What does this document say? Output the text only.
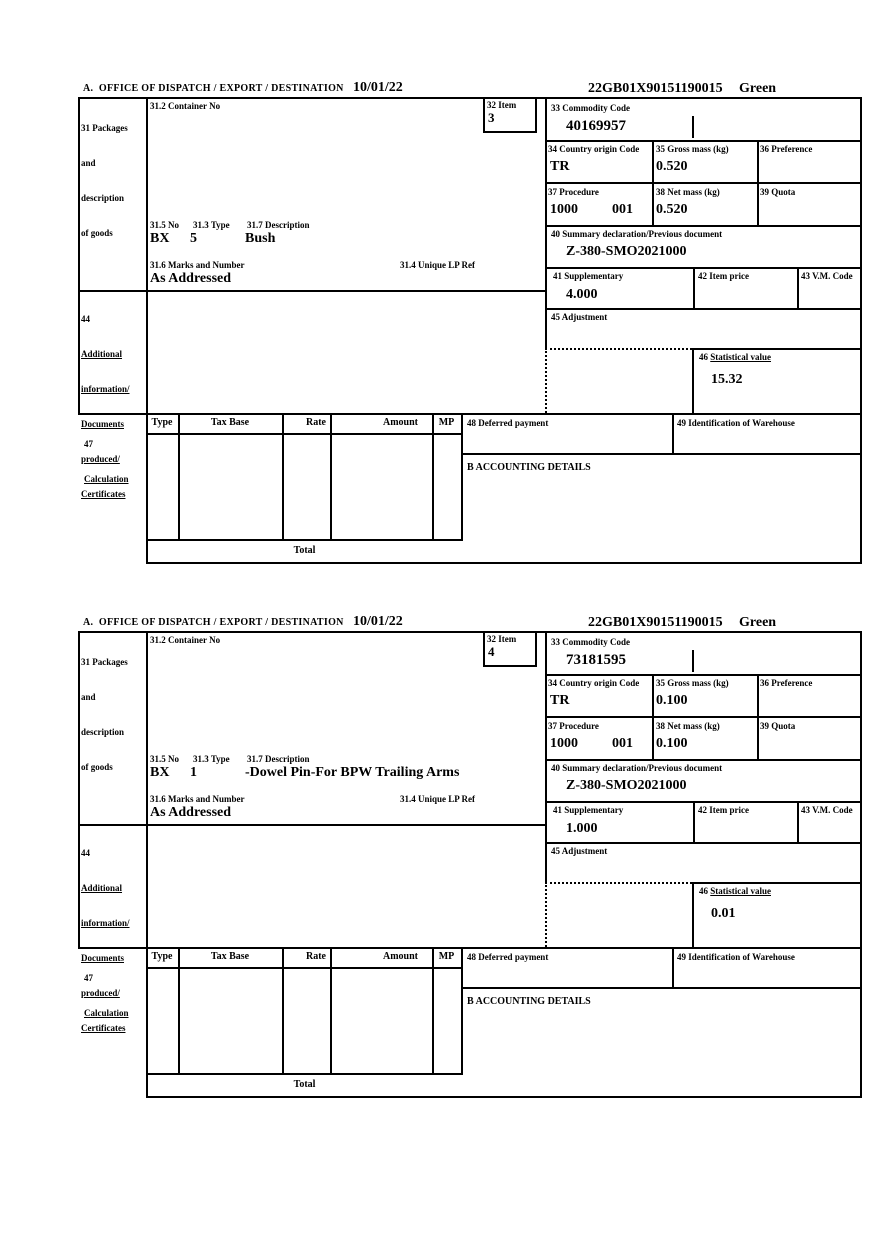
A.  OFFICE OF DISPATCH / EXPORT / DESTINATION 10/01/22	22GB01X90151190015 Green

31 Packages

and

description

of goods

31.2 Container No
31.5 No 31.3 Type 31.7 Description
BX 5	Bush
31.6 Marks and Number	31.4 Unique LP Ref
As Addressed
32 Item
3
33 Commodity Code
40169957
34 Country origin Code
TR
35 Gross mass (kg)
0.520
36 Preference
37 Procedure
1000 001
38 Net mass (kg)
0.520
39 Quota
40 Summary declaration/Previous document
Z-380-SMO2021000
41 Supplementary
4.000
42 Item price	43 V.M. Code
45 Adjustment
46 Statistical value
15.32

44

Additional

information/

Documents

produced/

Certificates

47

Calculation

Type	Tax Base	Rate	Amount	MP
Total
48 Deferred payment	49 Identification of Warehouse
B ACCOUNTING DETAILS
A.  OFFICE OF DISPATCH / EXPORT / DESTINATION 10/01/22	22GB01X90151190015 Green

31 Packages

and

description

of goods

31.2 Container No
31.5 No 31.3 Type 31.7 Description
BX 1	-Dowel Pin-For BPW Trailing Arms
31.6 Marks and Number	31.4 Unique LP Ref
As Addressed
32 Item
4
33 Commodity Code
73181595
34 Country origin Code
TR
35 Gross mass (kg)
0.100
36 Preference
37 Procedure
1000 001
38 Net mass (kg)
0.100
39 Quota
40 Summary declaration/Previous document
Z-380-SMO2021000
41 Supplementary
1.000
42 Item price	43 V.M. Code
45 Adjustment
46 Statistical value
0.01

44

Additional

information/

Documents

produced/

Certificates

47

Calculation

Type	Tax Base	Rate	Amount	MP
Total
48 Deferred payment	49 Identification of Warehouse
B ACCOUNTING DETAILS
